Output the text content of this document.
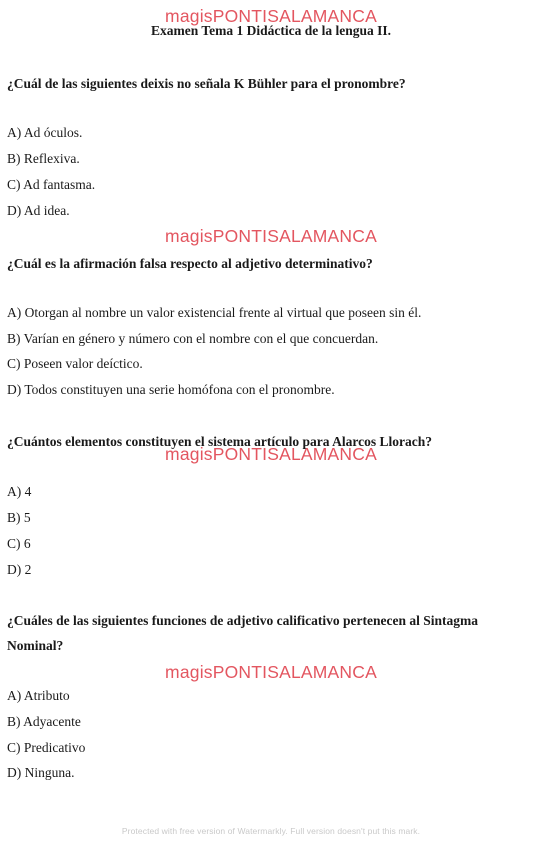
magisPONTISALAMANCA
magisPONTISALAMANCA
magisPONTISALAMANCA
magisPONTISALAMANCA
Examen Tema 1 Didáctica de la lengua II.
¿Cuál de las siguientes deixis no señala K Bühler para el pronombre?
A) Ad óculos.
B) Reflexiva.
C) Ad fantasma.
D) Ad idea.
¿Cuál es la afirmación falsa respecto al adjetivo determinativo?
A) Otorgan al nombre un valor existencial frente al virtual que poseen sin él.
B) Varían en género y número con el nombre con el que concuerdan.
C) Poseen valor deíctico.
D) Todos constituyen una serie homófona con el pronombre.
¿Cuántos elementos constituyen el sistema artículo para Alarcos Llorach?
A) 4
B) 5
C) 6
D) 2
¿Cuáles de las siguientes funciones de adjetivo calificativo pertenecen al Sintagma Nominal?
A) Atributo
B) Adyacente
C) Predicativo
D) Ninguna.
Protected with free version of Watermarkly. Full version doesn't put this mark.
